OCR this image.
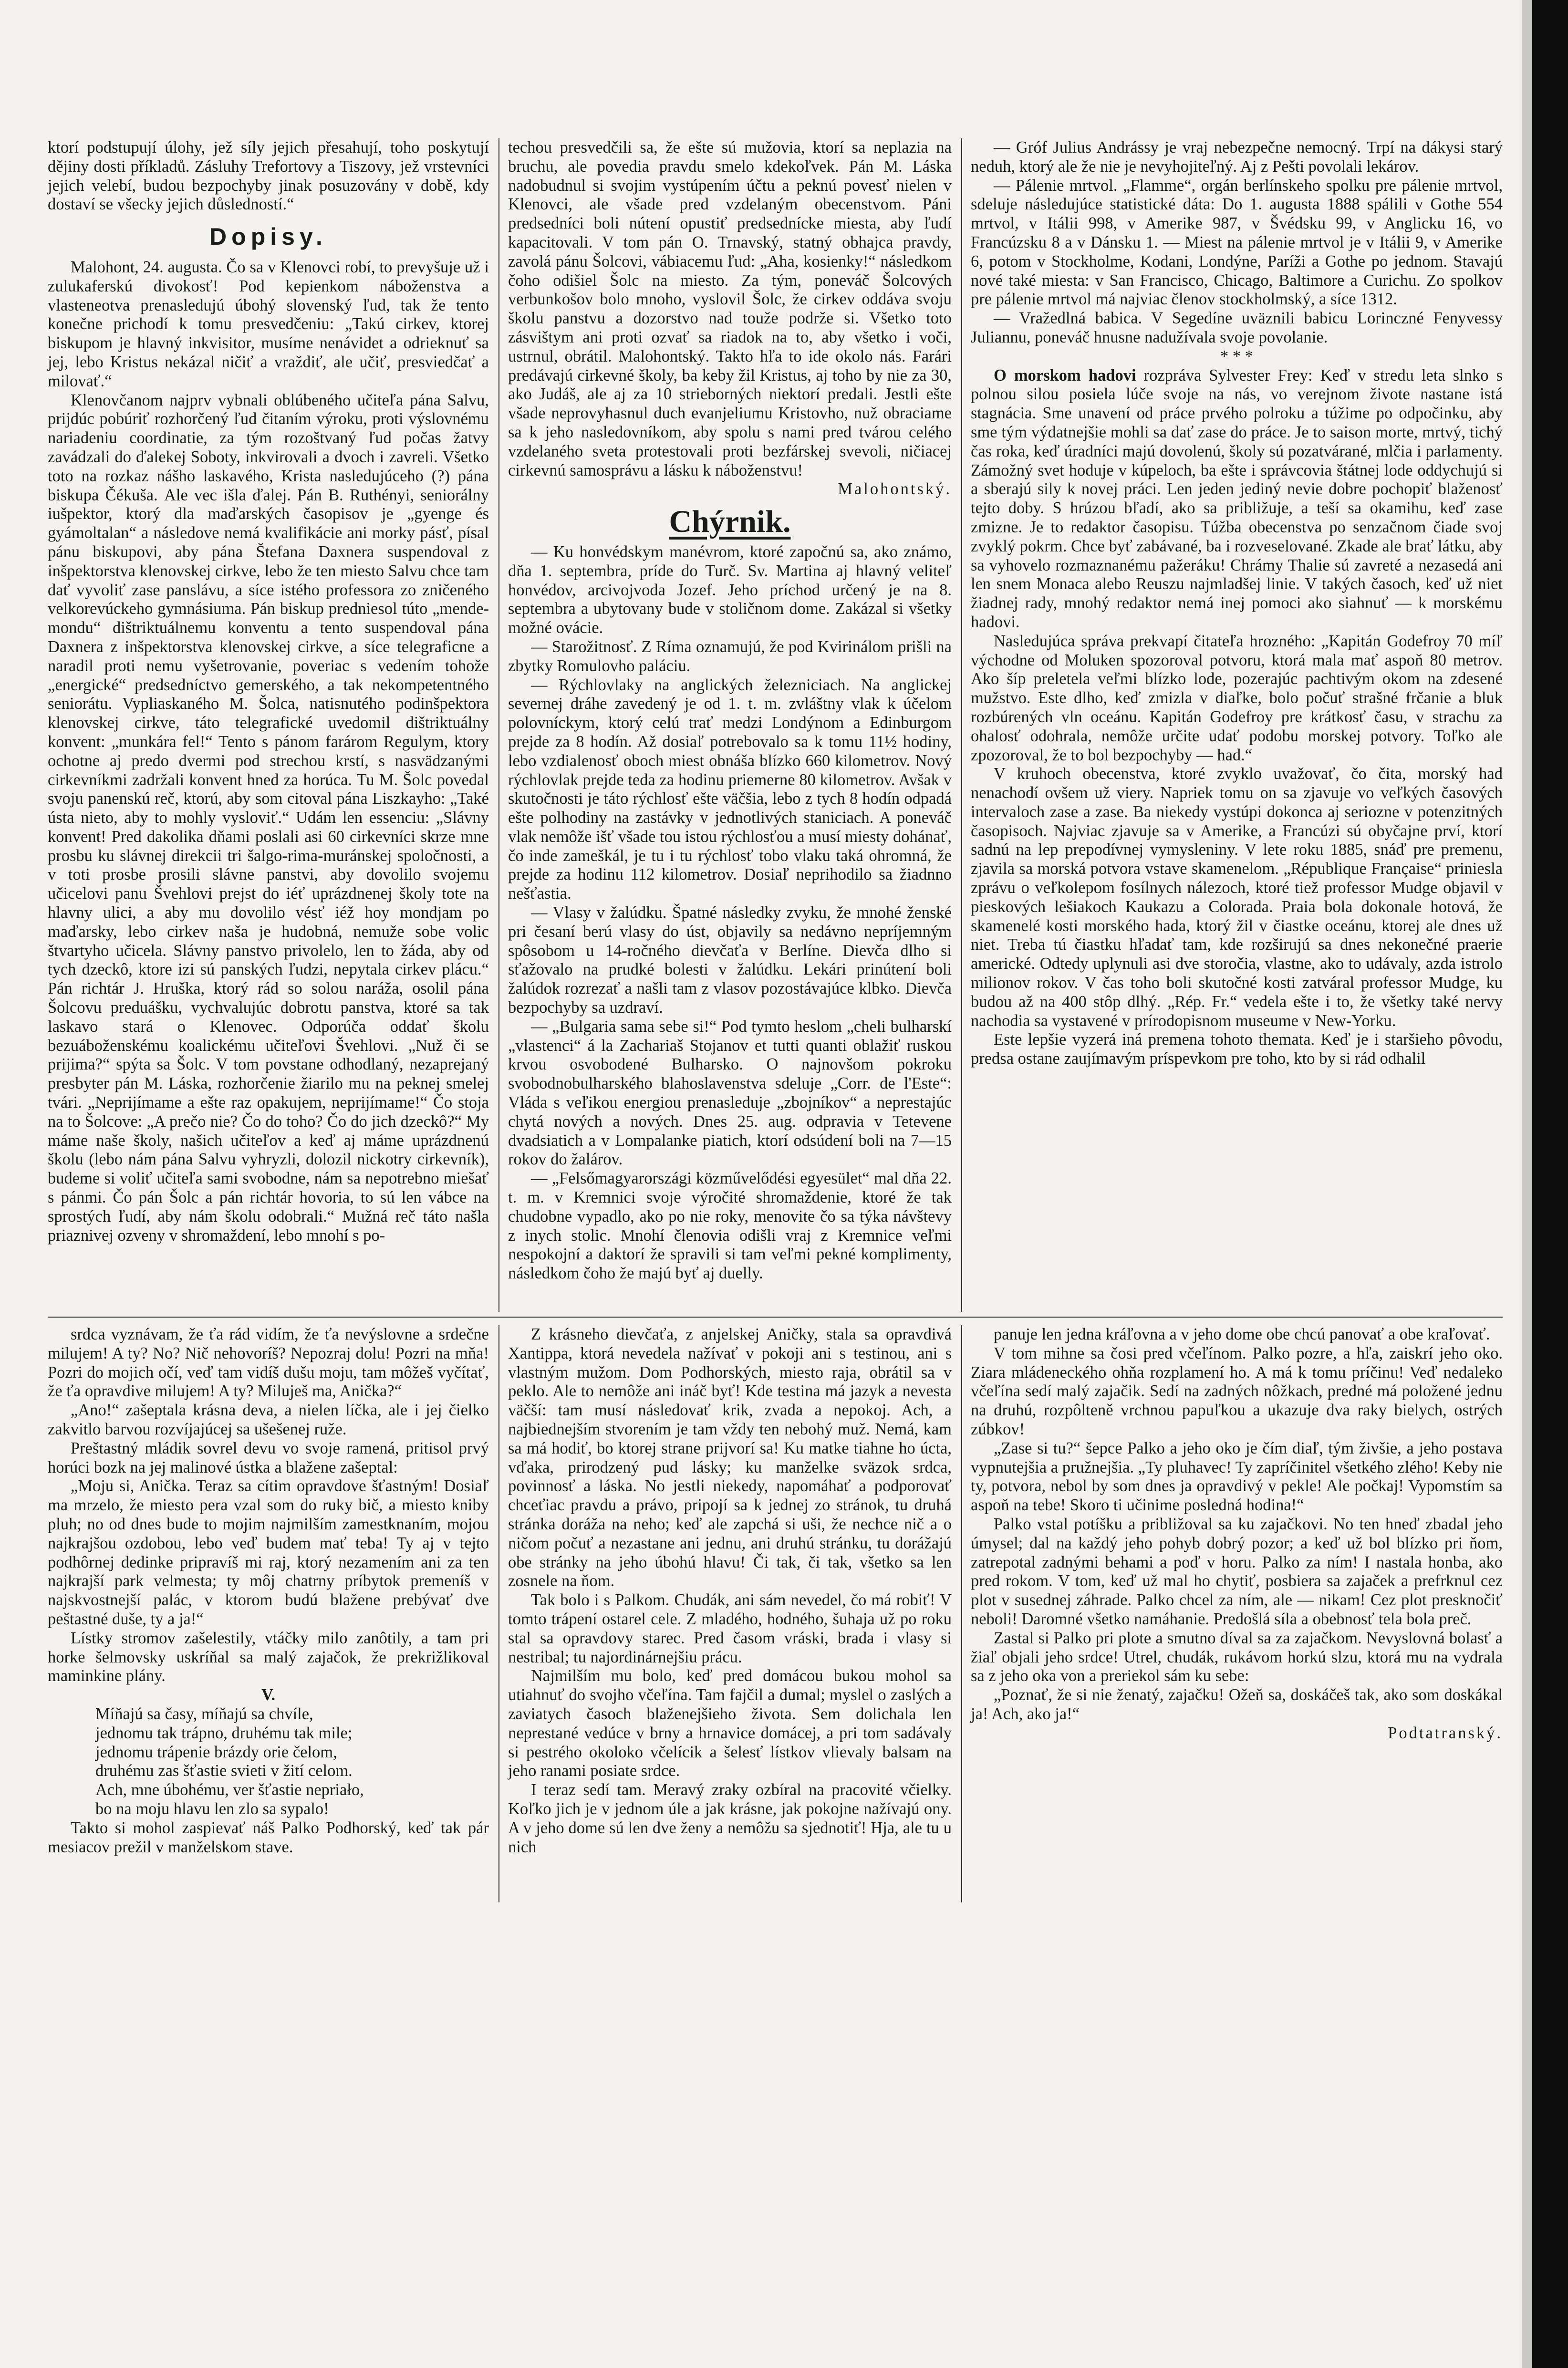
ktorí podstupují úlohy, jež síly jejich přesahují, toho poskytují dějiny dosti příkladů. Zásluhy Trefortovy a Tiszovy, jež vrstevníci jejich velebí, budou bezpochyby jinak posuzovány v době, kdy dostaví se všecky jejich důsledností.“

Dopisy.

Malohont, 24. augusta. Čo sa v Klenovci robí, to prevyšuje už i zulukaferskú divokosť! Pod kepienkom náboženstva a vlasteneotva prenasledujú úbohý slovenský ľud, tak že tento konečne prichodí k tomu presvedčeniu: „Takú cirkev, ktorej biskupom je hlavný inkvisitor, musíme nenávidet a odrieknuť sa jej, lebo Kristus nekázal ničiť a vraždiť, ale učiť, presviedčať a milovať.“

Klenovčanom najprv vybnali oblúbeného učiteľa pána Salvu, prijdúc pobúriť rozhorčený ľud čitaním výroku, proti výslovnému nariadeniu coordinatie, za tým rozoštvaný ľud počas žatvy zavádzali do ďalekej Soboty, inkvirovali a dvoch i zavreli. Všetko toto na rozkaz nášho laskavého, Krista nasledujúceho (?) pána biskupa Čékušа. Ale vec išla ďalej. Pán B. Ruthényi, seniorálny iušpektor, ktorý dla maďarských časopisov je „gyenge és gyámoltalan“ a následove nemá kvalifikácie ani morky pásť, písal pánu biskupovi, aby pána Štefana Daxnera suspendoval z inšpektorstva klenovskej cirkve, lebo že ten miesto Salvu chce tam dať vyvoliť zase panslávu, a síce istého professora zo zničeného velkorevúckeho gymnásiuma. Pán biskup predniesol túto „mende-mondu“ dištriktuálnemu konventu a tento suspendoval pána Daxnera z inšpektorstva klenovskej cirkve, a síce telegraficne a naradil proti nemu vyšetrovanie, poveriac s vedením tohože „energické“ predsedníctvo gemerského, a tak nekompetentného seniorátu. Vypliaskaného M. Šolca, natisnutého podinšpektora klenovskej cirkve, táto telegrafické uvedomil dištriktuálny konvent: „munkára fel!“ Tento s pánom farárom Regulym, ktory ochotne aj predo dvermi pod strechou krstí, s nasvädzanými cirkevníkmi zadržali konvent hned za horúca. Tu M. Šolc povedal svoju panenskú reč, ktorú, aby som citoval pána Liszkayho: „Také ústa nieto, aby to mohly vysloviť.“ Udám len essenciu: „Slávny konvent! Pred dakolika dňami poslali asi 60 cirkevníci skrze mne prosbu ku slávnej direkcii tri šalgo-rima-muránskej spoločnosti, a v toti prosbe prosili slávne panstvi, aby dovolilo svojemu učicelovi panu Švehlovi prejst do iéť uprázdnenej školy tote na hlavny ulici, a aby mu dovolilo vésť iéž hoy mondjam po maďarsky, lebo cirkev naša je hudobná, nemuže sobe volic štvartyho učicela. Slávny panstvo privolelo, len to žáda, aby od tych dzeckô, ktore izi sú panských ľudzi, nepytala cirkev plácu.“ Pán richtár J. Hruška, ktorý rád so solou naráža, osolil pána Šolcovu preduášku, vychvalujúc dobrotu panstva, ktoré sa tak laskavo stará o Klenovec. Odporúča oddať školu bezuáboženskému koalickému učiteľovi Švehlovi. „Nuž či se prijima?“ spýta sa Šolc. V tom povstane odhodlaný, nezaprejaný presbyter pán M. Láska, rozhorčenie žiarilo mu na peknej smelej tvári. „Neprijímame a ešte raz opakujem, neprijímame!“ Čo stoja na to Šolcove: „A prečo nie? Čo do toho? Čo do jich dzeckô?“ My máme naše školy, našich učiteľov a keď aj máme uprázdnenú školu (lebo nám pána Salvu vyhryzli, dolozil nickotry cirkevník), budeme si voliť učiteľa sami svobodne, nám sa nepotrebno miešať s pánmi. Čo pán Šolc a pán richtár hovoria, to sú len vábce na sprostých ľudí, aby nám školu odobrali.“ Mužná reč táto našla priaznivej ozveny v shromaždení, lebo mnohí s po-

techou presvedčili sa, že ešte sú mužovia, ktorí sa neplazia na bruchu, ale povedia pravdu smelo kdekoľvek. Pán M. Láska nadobudnul si svojim vystúpením účtu a peknú povesť nielen v Klenovci, ale všade pred vzdelaným obecenstvom. Páni predsedníci boli nútení opustiť predsednícke miesta, aby ľudí kapacitovali. V tom pán O. Trnavský, statný obhajca pravdy, zavolá pánu Šolcovi, vábiacemu ľud: „Aha, kosienky!“ následkom čoho odišiel Šolc na miesto. Za tým, poneváč Šolcových verbunkošov bolo mnoho, vyslovil Šolc, že cirkev oddáva svoju školu panstvu a dozorstvo nad touže podrže si. Všetko toto zásvištym ani proti ozvať sa riadok na to, aby všetko i voči, ustrnul, obrátil. Malohontský. Takto hľa to ide okolo nás. Farári predávajú cirkevné školy, ba keby žil Kristus, aj toho by nie za 30, ako Judáš, ale aj za 10 strieborných niektorí predali. Jestli ešte všade neprovyhasnul duch evanjeliumu Kristovho, nuž obraciame sa k jeho nasledovníkom, aby spolu s nami pred tvárou celého vzdelaného sveta protestovali proti bezfárskej svevoli, ničiacej cirkevnú samosprávu a lásku k náboženstvu!

Malohontský.

Chýrnik.

— Ku honvédskym manévrom, ktoré započnú sa, ako známo, dňa 1. septembra, príde do Turč. Sv. Martina aj hlavný veliteľ honvédov, arcivojvoda Jozef. Jeho príchod určený je na 8. septembra a ubytovany bude v stoličnom dome. Zakázal si všetky možné ovácie.

— Starožitnosť. Z Ríma oznamujú, že pod Kvirinálom prišli na zbytky Romulovho paláciu.

— Rýchlovlaky na anglických železniciach. Na anglickej severnej dráhe zavedený je od 1. t. m. zvláštny vlak k účelom polovníckym, ktorý celú trať medzi Londýnom a Edinburgom prejde za 8 hodín. Až dosiaľ potrebovalo sa k tomu 11½ hodiny, lebo vzdialenosť oboch miest obnáša blízko 660 kilometrov. Nový rýchlovlak prejde teda za hodinu priemerne 80 kilometrov. Avšak v skutočnosti je táto rýchlosť ešte väčšia, lebo z tych 8 hodín odpadá ešte polhodiny na zastávky v jednotlivých staniciach. A poneváč vlak nemôže išť všade tou istou rýchlosťou a musí miesty dohánať, čo inde zameškál, je tu i tu rýchlosť tobo vlaku taká ohromná, že prejde za hodinu 112 kilometrov. Dosiaľ neprihodilo sa žiadnno nešťastia.

— Vlasy v žalúdku. Špatné následky zvyku, že mnohé ženské pri česaní berú vlasy do úst, objavily sa nedávno nepríjemným spôsobom u 14-ročného dievčaťa v Berlíne. Dievča dlho si sťažovalo na prudké bolesti v žalúdku. Lekári prinútení boli žalúdok rozrezať a našli tam z vlasov pozostávajúce klbko. Dievča bezpochyby sa uzdraví.

— „Bulgaria sama sebe si!“ Pod tymto heslom „cheli bulharskí „vlastenci“ á la Zachariaš Stojanov et tutti quanti oblažiť ruskou krvou osvobodené Bulharsko. O najnovšom pokroku svobodnobulharského blahoslavenstva sdeluje „Corr. de l'Este“: Vláda s veľikou energiou prenasleduje „zbojníkov“ a neprestajúc chytá nových a nových. Dnes 25. aug. odpravia v Tetevene dvadsiatich a v Lompalanke piatich, ktorí odsúdení boli na 7—15 rokov do žalárov.

— „Felsőmagyarországi közművelődési egyesület“ mal dňa 22. t. m. v Kremnici svoje výročité shromaždenie, ktoré že tak chudobne vypadlo, ako po nie roky, menovite čo sa týka návštevy z inych stolic. Mnohí členovia odišli vraj z Kremnice veľmi nespokojní a daktorí že spravili si tam veľmi pekné komplimenty, následkom čoho že majú byť aj duelly.

— Gróf Julius Andrássy je vraj nebezpečne nemocný. Trpí na dákysi starý neduh, ktorý ale že nie je nevyhojiteľný. Aj z Pešti povolali lekárov.

— Pálenie mrtvol. „Flamme“, orgán berlínskeho spolku pre pálenie mrtvol, sdeluje následujúce statistické dáta: Do 1. augusta 1888 spálili v Gothe 554 mrtvol, v Itálii 998, v Amerike 987, v Švédsku 99, v Anglicku 16, vo Francúzsku 8 a v Dánsku 1. — Miest na pálenie mrtvol je v Itálii 9, v Amerike 6, potom v Stockholme, Kodani, Londýne, Paríži a Gothe po jednom. Stavajú nové také miesta: v San Francisco, Chicago, Baltimore a Curichu. Zo spolkov pre pálenie mrtvol má najviac členov stockholmský, a síce 1312.

— Vražedlná babica. V Segedíne uväznili babicu Lorinczné Fenyvessy Juliannu, poneváč hnusne nadužívala svoje povolanie.

* * *

O morskom hadovi rozpráva Sylvester Frey: Keď v stredu leta slnko s polnou silou posiela lúče svoje na nás, vo verejnom živote nastane istá stagnácia. Sme unavení od práce prvého polroku a túžime po odpočinku, aby sme tým výdatnejšie mohli sa dať zase do práce. Je to saison morte, mrtvý, tichý čas roka, keď úradníci majú dovolenú, školy sú pozatvárané, mlčia i parlamenty. Zámožný svet hoduje v kúpeloch, ba ešte i správcovia štátnej lode oddychujú si a sberajú sily k novej práci. Len jeden jediný nevie dobre pochopiť blaženosť tejto doby. S hrúzou bľadí, ako sa približuje, a teší sa okamihu, keď zase zmizne. Je to redaktor časopisu. Túžba obecenstva po senzačnom čiade svoj zvyklý pokrm. Chce byť zabávané, ba i rozveselované. Zkade ale brať látku, aby sa vyhovelo rozmaznanému pažeráku! Chrámy Thalie sú zavreté a nezasedá ani len snem Monaca alebo Reuszu najmladšej linie. V takých časoch, keď už niet žiadnej rady, mnohý redaktor nemá inej pomoci ako siahnuť — k morskému hadovi.

Nasledujúca správa prekvapí čitateľa hrozného: „Kapitán Godefroy 70 míľ východne od Moluken spozoroval potvoru, ktorá mala mať aspoň 80 metrov. Ako šíp preletela veľmi blízko lode, pozerajúc pachtivým okom na zdesené mužstvo. Este dlho, keď zmizla v diaľke, bolo počuť strašné frčanie a bluk rozbúrených vln oceánu. Kapitán Godefroy pre krátkosť času, v strachu za ohalosť odohrala, nemôže určite udať podobu morskej potvory. Toľko ale zpozoroval, že to bol bezpochyby — had.“

V kruhoch obecenstva, ktoré zvyklo uvažovať, čo čita, morský had nenachodí ovšem už viery. Napriek tomu on sa zjavuje vo veľkých časových intervaloch zase a zase. Ba niekedy vystúpi dokonca aj seriozne v potenzitných časopisoch. Najviac zjavuje sa v Amerike, a Francúzi sú obyčajne prví, ktorí sadnú na lep prepodívnej vymysleniny. V lete roku 1885, snáď pre premenu, zjavila sa morská potvora vstave skamenelom. „République Française“ priniesla zprávu o veľkolepom fosílnych nálezoch, ktoré tiež professor Mudge objavil v pieskových lešiakoch Kaukazu a Colorada. Praia bola dokonale hotová, že skamenelé kosti morského hada, ktorý žil v čiastke oceánu, ktorej ale dnes už niet. Treba tú čiastku hľadať tam, kde rozširujú sa dnes nekonečné praerie americké. Odtedy uplynuli asi dve storočia, vlastne, ako to udávaly, azda istrolo milionov rokov. V čas toho boli skutočné kosti zatváral professor Mudge, ku budou až na 400 stôp dlhý. „Rép. Fr.“ vedela ešte i to, že všetky také nervy nachodia sa vystavené v prírodopisnom museume v New-Yorku.

Este lepšie vyzerá iná premena tohoto themata. Keď je i staršieho pôvodu, predsa ostane zaujímavým príspevkom pre toho, kto by si rád odhalil

srdca vyznávam, že ťa rád vidím, že ťa nevýslovne a srdečne milujem! A ty? No? Nič nehovoríš? Nepozraj dolu! Pozri na mňa! Pozri do mojich očí, veď tam vidíš dušu moju, tam môžeš vyčítať, že ťa opravdive milujem! A ty? Miluješ ma, Anička?“

„Ano!“ zašeptala krásna deva, a nielen líčka, ale i jej čielko zakvitlo barvou rozvíjajúcej sa ušešenej ruže.

Preštastný mládik sovrel devu vo svoje ramená, pritisol prvý horúci bozk na jej malinové ústka a blažene zašeptal:

„Moju si, Anička. Teraz sa cítim opravdove šťastným! Dosiaľ ma mrzelo, že miesto pera vzal som do ruky bič, a miesto kniby pluh; no od dnes bude to mojim najmilším zamestknaním, mojou najkrajšou ozdobou, lebo veď budem mať teba! Ty aj v tejto podhôrnej dedinke pripravíš mi raj, ktorý nezamením ani za ten najkrajší park velmesta; ty môj chatrny príbytok premeníš v najskvostnejší palác, v ktorom budú blažene prebývať dve peštastné duše, ty a ja!“

Lístky stromov zašelestily, vtáčky milo zanôtily, a tam pri horke šelmovsky uskríňal sa malý zajačok, že prekrižlikoval maminkine plány.

V.

Míňajú sa časy, míňajú sa chvíle,

jednomu tak trápno, druhému tak mile;

jednomu trápenie brázdy orie čelom,

druhému zas šťastie svieti v žití celom.

Ach, mne úbohému, ver šťastie nepriało,

bo na moju hlavu len zlo sa sypalo!

Takto si mohol zaspievať náš Palko Podhorský, keď tak pár mesiacov prežil v manželskom stave.

Z krásneho dievčaťa, z anjelskej Aničky, stala sa opravdivá Xantippa, ktorá nevedela nažívať v pokoji ani s testinou, ani s vlastným mužom. Dom Podhorských, miesto raja, obrátil sa v peklo. Ale to nemôže ani ináč byť! Kde testina má jazyk a nevesta väčší: tam musí následovať krik, zvada a nepokoj. Ach, a najbiednejším stvorením je tam vždy ten nebohý muž. Nemá, kam sa má hodiť, bo ktorej strane prijvorí sa! Ku matke tiahne ho úcta, vďaka, prirodzený pud lásky; ku manželke sväzok srdca, povinnosť a láska. No jestli niekedy, napomáhať a podporovať chceťiac pravdu a právo, pripojí sa k jednej zo stránok, tu druhá stránka doráža na neho; keď ale zapchá si uši, že nechce nič a o ničom počuť a nezastane ani jednu, ani druhú stránku, tu dorážajú obe stránky na jeho úbohú hlavu! Či tak, či tak, všetko sa len zosnele na ňom.

Tak bolo i s Palkom. Chudák, ani sám nevedel, čo má robiť! V tomto trápení ostarel cele. Z mladého, hodného, šuhaja už po roku stal sa opravdovy starec. Pred časom vráski, brada i vlasy si nestribal; tu najordinárnejšiu prácu.

Najmilším mu bolo, keď pred domácou bukou mohol sa utiahnuť do svojho včeľína. Tam fajčil a dumal; myslel o zaslých a zaviatych časoch blaženejšieho života. Sem dolichala len neprestané vedúce v brny a hrnavice domácej, a pri tom sadávaly si pestrého okoloko včelícik a šelesť lístkov vlievaly balsam na jeho ranami posiate srdce.

I teraz sedí tam. Meravý zraky ozbíral na pracovité včielky. Koľko jich je v jednom úle a jak krásne, jak pokojne nažívajú ony. A v jeho dome sú len dve ženy a nemôžu sa sjednotiť! Hja, ale tu u nich

panuje len jedna kráľovna a v jeho dome obe chcú panovať a obe kraľovať.

V tom mihne sa čosi pred včeľínom. Palko pozre, a hľa, zaiskrí jeho oko. Ziara mládeneckého ohňa rozplamení ho. A má k tomu príčinu! Veď nedaleko včeľína sedí malý zajačik. Sedí na zadných nôžkach, predné má položené jednu na druhú, rozpôlteně vrchnou papuľkou a ukazuje dva raky bielych, ostrých zúbkov!

„Zase si tu?“ šepce Palko a jeho oko je čím diaľ, tým živšie, a jeho postava vypnutejšia a pružnejšia. „Ty pluhavec! Ty zapríčinitel všetkého zlého! Keby nie ty, potvora, nebol by som dnes ja opravdivý v pekle! Ale počkaj! Vypomstím sa aspoň na tebe! Skoro ti učinime posledná hodina!“

Palko vstal potíšku a približoval sa ku zajačkovi. No ten hneď zbadal jeho úmysel; dal na každý jeho pohyb dobrý pozor; a keď už bol blízko pri ňom, zatrepotal zadnými behami a poď v horu. Palko za ním! I nastala honba, ako pred rokom. V tom, keď už mal ho chytiť, posbiera sa zajaček a prefrknul cez plot v susednej záhrade. Palko chcel za ním, ale — nikam! Cez plot presknočiť neboli! Daromné všetko namáhanie. Predošlá síla a obebnosť tela bola preč.

Zastal si Palko pri plote a smutno díval sa za zajačkom. Nevyslovná bolasť a žiaľ objali jeho srdce! Utrel, chudák, rukávom horkú slzu, ktorá mu na vydrala sa z jeho oka von a preriekol sám ku sebe:

„Poznať, že si nie ženatý, zajačku! Ožeň sa, doskáčeš tak, ako som doskákal ja! Ach, ako ja!“

Podtatranský.
